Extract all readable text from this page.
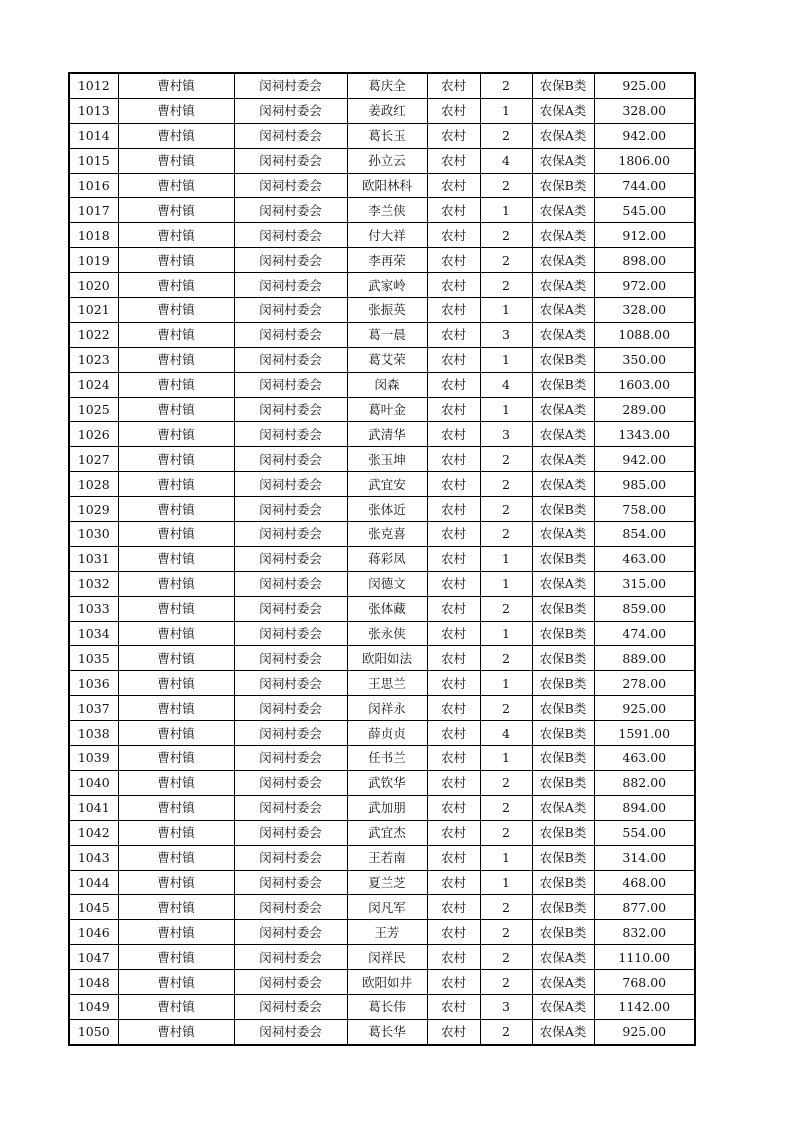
1012	曹村镇	闵祠村委会	葛庆全	农村	2	农保B类	925.00
1013	曹村镇	闵祠村委会	姜政红	农村	1	农保A类	328.00
1014	曹村镇	闵祠村委会	葛长玉	农村	2	农保A类	942.00
1015	曹村镇	闵祠村委会	孙立云	农村	4	农保A类	1806.00
1016	曹村镇	闵祠村委会	欧阳林科	农村	2	农保B类	744.00
1017	曹村镇	闵祠村委会	李兰侠	农村	1	农保A类	545.00
1018	曹村镇	闵祠村委会	付大祥	农村	2	农保A类	912.00
1019	曹村镇	闵祠村委会	李再荣	农村	2	农保A类	898.00
1020	曹村镇	闵祠村委会	武家岭	农村	2	农保A类	972.00
1021	曹村镇	闵祠村委会	张振英	农村	1	农保A类	328.00
1022	曹村镇	闵祠村委会	葛一晨	农村	3	农保A类	1088.00
1023	曹村镇	闵祠村委会	葛艾荣	农村	1	农保B类	350.00
1024	曹村镇	闵祠村委会	闵森	农村	4	农保B类	1603.00
1025	曹村镇	闵祠村委会	葛叶金	农村	1	农保A类	289.00
1026	曹村镇	闵祠村委会	武清华	农村	3	农保A类	1343.00
1027	曹村镇	闵祠村委会	张玉坤	农村	2	农保A类	942.00
1028	曹村镇	闵祠村委会	武宜安	农村	2	农保A类	985.00
1029	曹村镇	闵祠村委会	张体近	农村	2	农保B类	758.00
1030	曹村镇	闵祠村委会	张克喜	农村	2	农保A类	854.00
1031	曹村镇	闵祠村委会	蒋彩凤	农村	1	农保B类	463.00
1032	曹村镇	闵祠村委会	闵德文	农村	1	农保A类	315.00
1033	曹村镇	闵祠村委会	张体藏	农村	2	农保B类	859.00
1034	曹村镇	闵祠村委会	张永侠	农村	1	农保B类	474.00
1035	曹村镇	闵祠村委会	欧阳如法	农村	2	农保B类	889.00
1036	曹村镇	闵祠村委会	王思兰	农村	1	农保B类	278.00
1037	曹村镇	闵祠村委会	闵祥永	农村	2	农保B类	925.00
1038	曹村镇	闵祠村委会	薛贞贞	农村	4	农保B类	1591.00
1039	曹村镇	闵祠村委会	任书兰	农村	1	农保B类	463.00
1040	曹村镇	闵祠村委会	武钦华	农村	2	农保B类	882.00
1041	曹村镇	闵祠村委会	武加朋	农村	2	农保A类	894.00
1042	曹村镇	闵祠村委会	武宜杰	农村	2	农保B类	554.00
1043	曹村镇	闵祠村委会	王若南	农村	1	农保B类	314.00
1044	曹村镇	闵祠村委会	夏兰芝	农村	1	农保B类	468.00
1045	曹村镇	闵祠村委会	闵凡军	农村	2	农保B类	877.00
1046	曹村镇	闵祠村委会	王芳	农村	2	农保B类	832.00
1047	曹村镇	闵祠村委会	闵祥民	农村	2	农保A类	1110.00
1048	曹村镇	闵祠村委会	欧阳如井	农村	2	农保A类	768.00
1049	曹村镇	闵祠村委会	葛长伟	农村	3	农保A类	1142.00
1050	曹村镇	闵祠村委会	葛长华	农村	2	农保A类	925.00
